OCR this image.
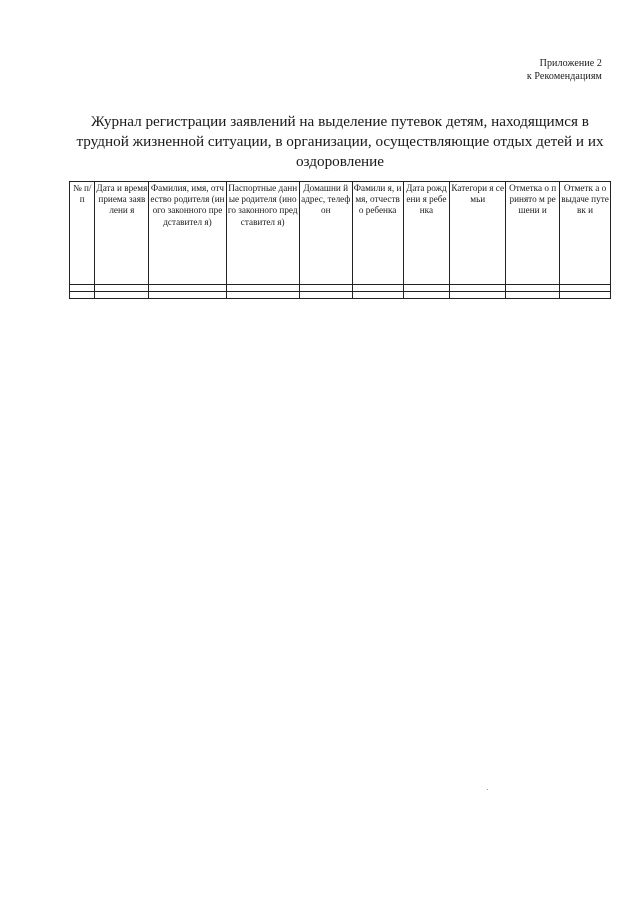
Приложение 2
к Рекомендациям
Журнал регистрации заявлений на выделение путевок детям, находящимся в трудной жизненной ситуации, в организации, осуществляющие отдых детей и их оздоровление
№ п/п	Дата и время приема заявлени я	Фамилия, имя, отчество родителя (иного законного представител я)	Паспортные данные родителя (иного законного представител я)	Домашни й адрес, телефон	Фамили я, имя, отчество ребенка	Дата рождени я ребенка	Категори я семьи	Отметка о принято м решени и	Отметк а о выдаче путевк и
